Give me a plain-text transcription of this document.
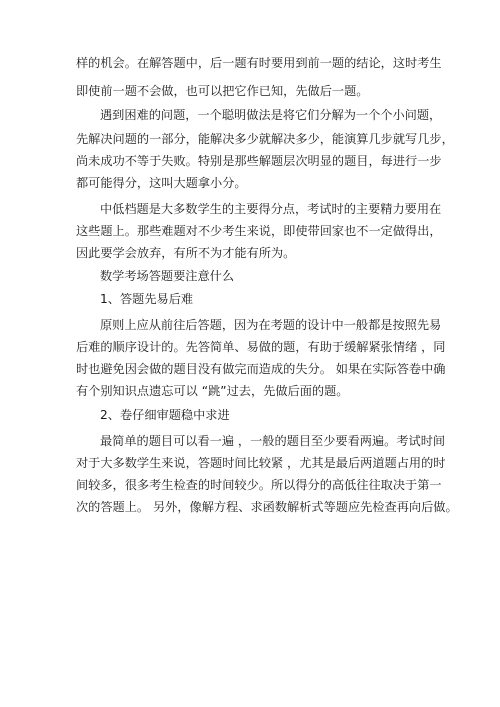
样的机会。在解答题中，后一题有时要用到前一题的结论，这时考生
即使前一题不会做，也可以把它作已知，先做后一题。
遇到困难的问题，一个聪明做法是将它们分解为一个个小问题，
先解决问题的一部分，能解决多少就解决多少，能演算几步就写几步，
尚未成功不等于失败。特别是那些解题层次明显的题目，每进行一步
都可能得分，这叫大题拿小分。
中低档题是大多数学生的主要得分点，考试时的主要精力要用在
这些题上。那些难题对不少考生来说，即使带回家也不一定做得出，
因此要学会放弃，有所不为才能有所为。
数学考场答题要注意什么
1、答题先易后难
原则上应从前往后答题，因为在考题的设计中一般都是按照先易
后难的顺序设计的。先答简单、易做的题，有助于缓解紧张情绪 ，同
时也避免因会做的题目没有做完而造成的失分。 如果在实际答卷中确
有个别知识点遗忘可以 “跳”过去，先做后面的题。
2、卷仔细审题稳中求进
最简单的题目可以看一遍 ，一般的题目至少要看两遍。考试时间
对于大多数学生来说，答题时间比较紧 ，尤其是最后两道题占用的时
间较多，很多考生检查的时间较少。所以得分的高低往往取决于第一
次的答题上。 另外，像解方程、求函数解析式等题应先检查再向后做。
